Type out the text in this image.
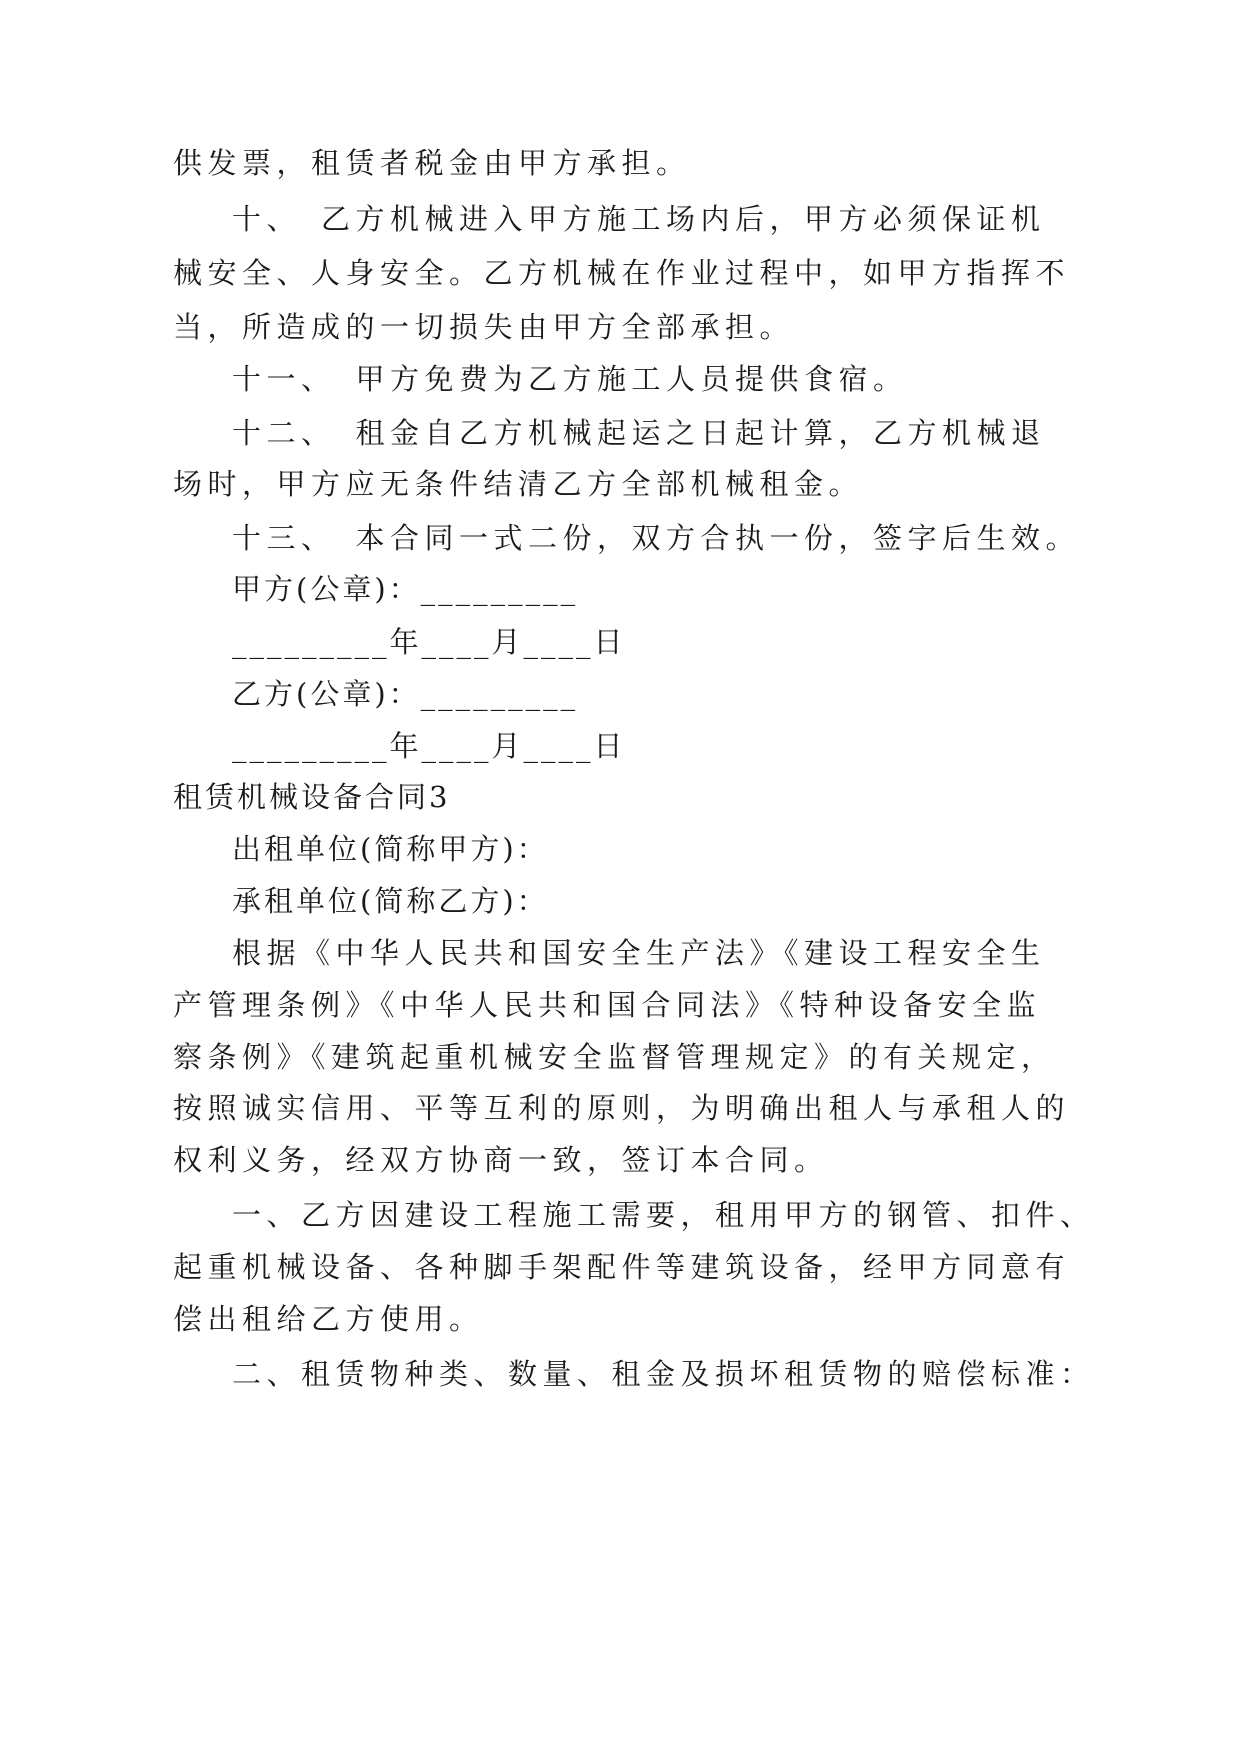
供发票，租赁者税金由甲方承担。
十、　乙方机械进入甲方施工场内后，甲方必须保证机
械安全、人身安全。乙方机械在作业过程中，如甲方指挥不
当，所造成的一切损失由甲方全部承担。
十一、　甲方免费为乙方施工人员提供食宿。
十二、　租金自乙方机械起运之日起计算，乙方机械退
场时，甲方应无条件结清乙方全部机械租金。
十三、　本合同一式二份，双方合执一份，签字后生效。
甲方(公章)：_________
_________年____月____日
乙方(公章)：_________
_________年____月____日
租赁机械设备合同3
出租单位(简称甲方)：
承租单位(简称乙方)：
根据《中华人民共和国安全生产法》《建设工程安全生
产管理条例》《中华人民共和国合同法》《特种设备安全监
察条例》《建筑起重机械安全监督管理规定》的有关规定，
按照诚实信用、平等互利的原则，为明确出租人与承租人的
权利义务，经双方协商一致，签订本合同。
一、乙方因建设工程施工需要，租用甲方的钢管、扣件、
起重机械设备、各种脚手架配件等建筑设备，经甲方同意有
偿出租给乙方使用。
二、租赁物种类、数量、租金及损坏租赁物的赔偿标准：
